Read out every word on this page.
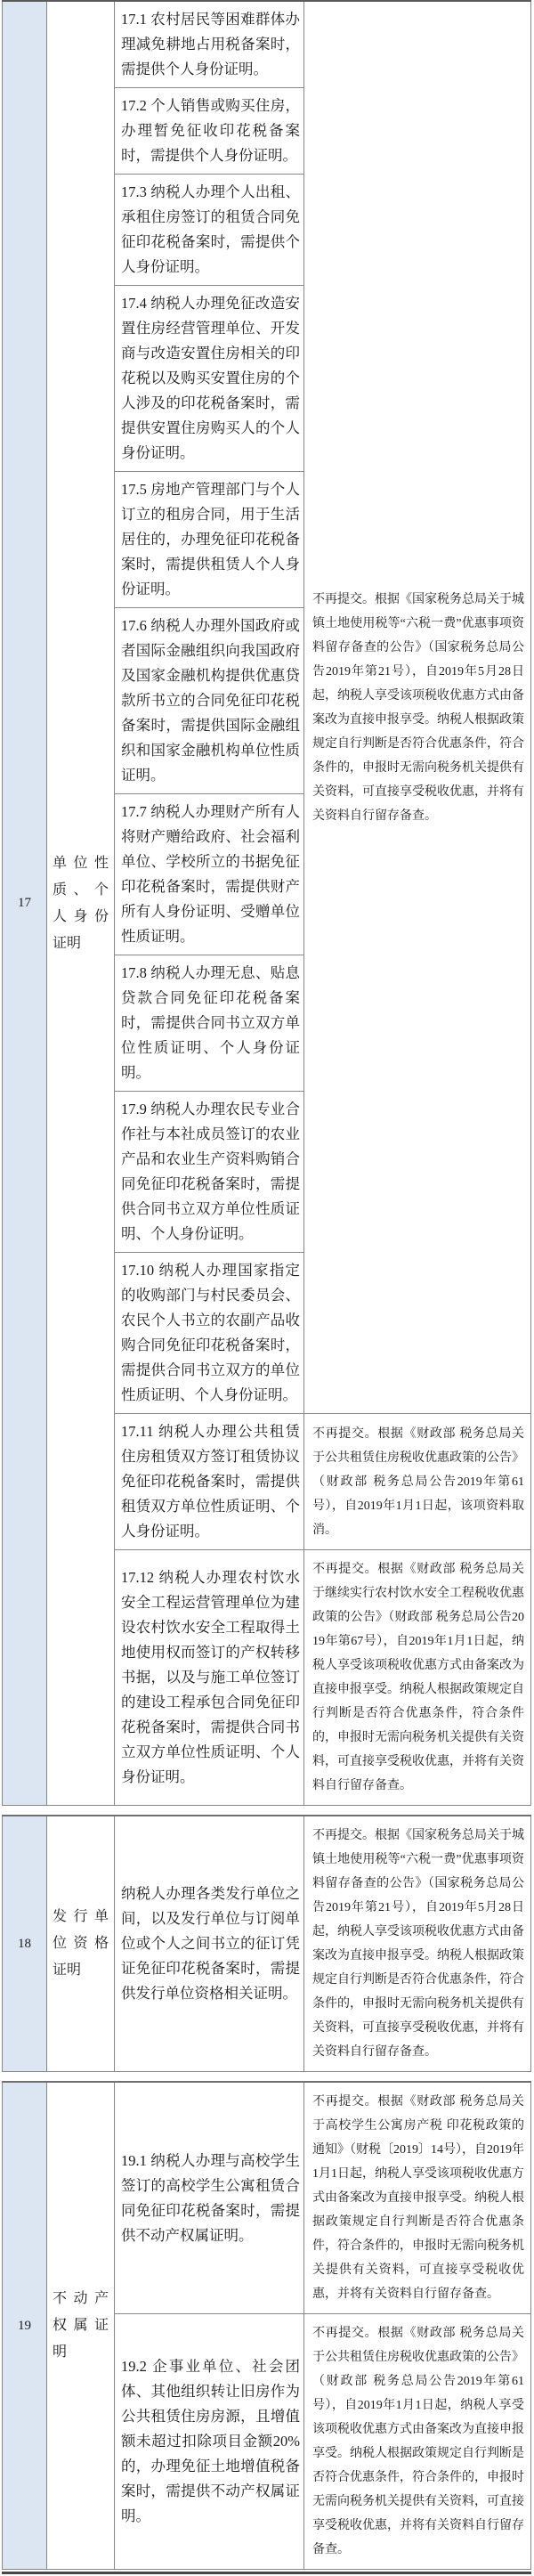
17	单位性质、个人身份证明	17.1 农村居民等困难群体办理减免耕地占用税备案时，需提供个人身份证明。	不再提交。根据《国家税务总局关于城镇土地使用税等“六税一费”优惠事项资料留存备查的公告》（国家税务总局公告2019年第21号），自2019年5月28日起，纳税人享受该项税收优惠方式由备案改为直接申报享受。纳税人根据政策规定自行判断是否符合优惠条件，符合条件的，申报时无需向税务机关提供有关资料，可直接享受税收优惠，并将有关资料自行留存备查。
		17.2 个人销售或购买住房，办理暂免征收印花税备案时，需提供个人身份证明。	
		17.3 纳税人办理个人出租、承租住房签订的租赁合同免征印花税备案时，需提供个人身份证明。	
		17.4 纳税人办理免征改造安置住房经营管理单位、开发商与改造安置住房相关的印花税以及购买安置住房的个人涉及的印花税备案时，需提供安置住房购买人的个人身份证明。	
		17.5 房地产管理部门与个人订立的租房合同，用于生活居住的，办理免征印花税备案时，需提供租赁人个人身份证明。	
		17.6 纳税人办理外国政府或者国际金融组织向我国政府及国家金融机构提供优惠贷款所书立的合同免征印花税备案时，需提供国际金融组织和国家金融机构单位性质证明。	
		17.7 纳税人办理财产所有人将财产赠给政府、社会福利单位、学校所立的书据免征印花税备案时，需提供财产所有人身份证明、受赠单位性质证明。	
		17.8 纳税人办理无息、贴息贷款合同免征印花税备案时，需提供合同书立双方单位性质证明、个人身份证明。	
		17.9 纳税人办理农民专业合作社与本社成员签订的农业产品和农业生产资料购销合同免征印花税备案时，需提供合同书立双方单位性质证明、个人身份证明。	
		17.10 纳税人办理国家指定的收购部门与村民委员会、农民个人书立的农副产品收购合同免征印花税备案时，需提供合同书立双方的单位性质证明、个人身份证明。	
		17.11 纳税人办理公共租赁住房租赁双方签订租赁协议免征印花税备案时，需提供租赁双方单位性质证明、个人身份证明。	不再提交。根据《财政部 税务总局关于公共租赁住房税收优惠政策的公告》（财政部 税务总局公告2019年第61号），自2019年1月1日起，该项资料取消。
		17.12 纳税人办理农村饮水安全工程运营管理单位为建设农村饮水安全工程取得土地使用权而签订的产权转移书据，以及与施工单位签订的建设工程承包合同免征印花税备案时，需提供合同书立双方单位性质证明、个人身份证明。	不再提交。根据《财政部 税务总局关于继续实行农村饮水安全工程税收优惠政策的公告》（财政部 税务总局公告2019年第67号），自2019年1月1日起，纳税人享受该项税收优惠方式由备案改为直接申报享受。纳税人根据政策规定自行判断是否符合优惠条件，符合条件的，申报时无需向税务机关提供有关资料，可直接享受税收优惠，并将有关资料自行留存备查。
18	发行单位资格证明	纳税人办理各类发行单位之间，以及发行单位与订阅单位或个人之间书立的征订凭证免征印花税备案时，需提供发行单位资格相关证明。	不再提交。根据《国家税务总局关于城镇土地使用税等“六税一费”优惠事项资料留存备查的公告》（国家税务总局公告2019年第21号），自2019年5月28日起，纳税人享受该项税收优惠方式由备案改为直接申报享受。纳税人根据政策规定自行判断是否符合优惠条件，符合条件的，申报时无需向税务机关提供有关资料，可直接享受税收优惠，并将有关资料自行留存备查。
19	不动产权属证明	19.1 纳税人办理与高校学生签订的高校学生公寓租赁合同免征印花税备案时，需提供不动产权属证明。	不再提交。根据《财政部 税务总局关于高校学生公寓房产税 印花税政策的通知》（财税〔2019〕14号），自2019年1月1日起，纳税人享受该项税收优惠方式由备案改为直接申报享受。纳税人根据政策规定自行判断是否符合优惠条件，符合条件的，申报时无需向税务机关提供有关资料，可直接享受税收优惠，并将有关资料自行留存备查。
		19.2 企事业单位、社会团体、其他组织转让旧房作为公共租赁住房房源，且增值额未超过扣除项目金额20%的，办理免征土地增值税备案时，需提供不动产权属证明。	不再提交。根据《财政部 税务总局关于公共租赁住房税收优惠政策的公告》（财政部 税务总局公告2019年第61号），自2019年1月1日起，纳税人享受该项税收优惠方式由备案改为直接申报享受。纳税人根据政策规定自行判断是否符合优惠条件，符合条件的，申报时无需向税务机关提供有关资料，可直接享受税收优惠，并将有关资料自行留存备查。
